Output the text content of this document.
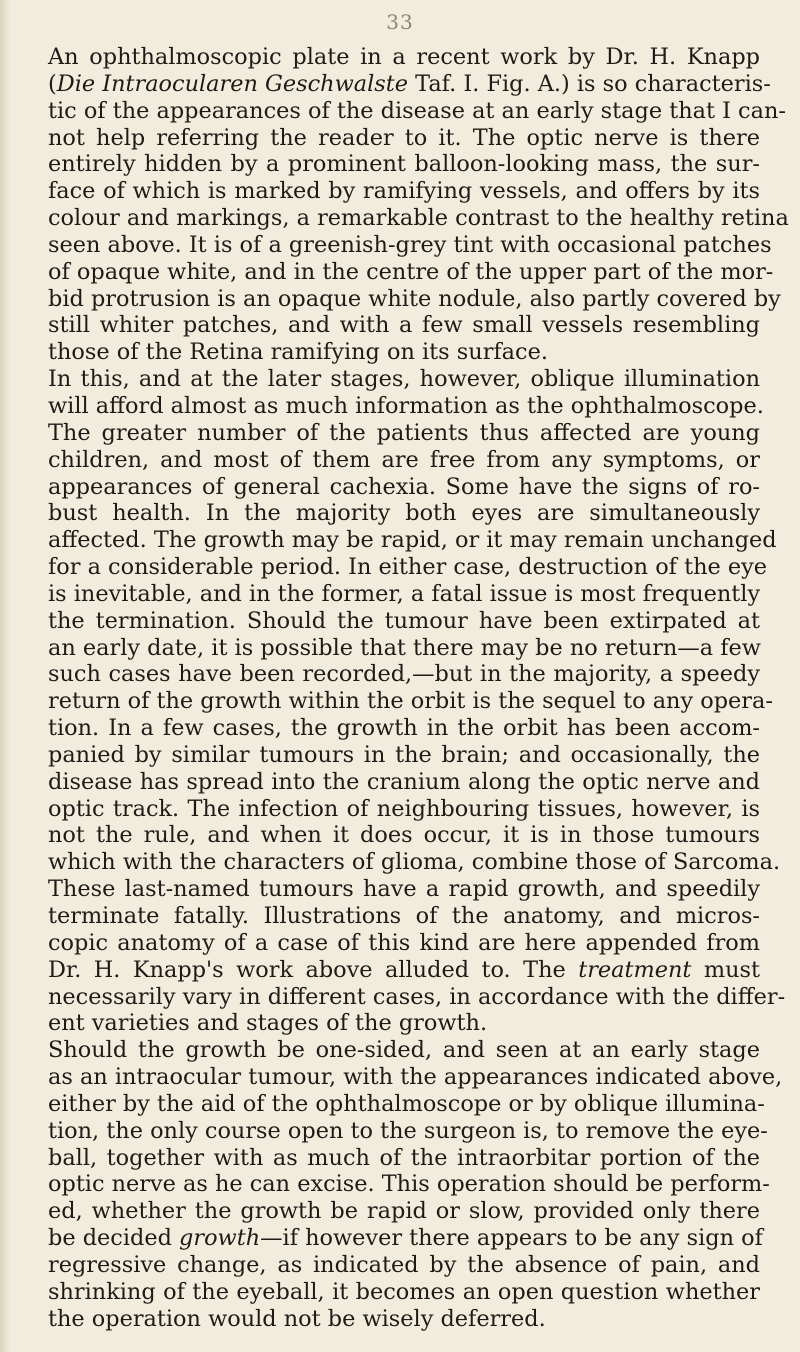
33
An ophthalmoscopic plate in a recent work by Dr. H. Knapp
(Die Intraocularen Geschwalste Taf. I. Fig. A.) is so characteris-
tic of the appearances of the disease at an early stage that I can-
not help referring the reader to it. The optic nerve is there
entirely hidden by a prominent balloon-looking mass, the sur-
face of which is marked by ramifying vessels, and offers by its
colour and markings, a remarkable contrast to the healthy retina
seen above. It is of a greenish-grey tint with occasional patches
of opaque white, and in the centre of the upper part of the mor-
bid protrusion is an opaque white nodule, also partly covered by
still whiter patches, and with a few small vessels resembling
those of the Retina ramifying on its surface.
In this, and at the later stages, however, oblique illumination
will afford almost as much information as the ophthalmoscope.
The greater number of the patients thus affected are young
children, and most of them are free from any symptoms, or
appearances of general cachexia. Some have the signs of ro-
bust health. In the majority both eyes are simultaneously
affected. The growth may be rapid, or it may remain unchanged
for a considerable period. In either case, destruction of the eye
is inevitable, and in the former, a fatal issue is most frequently
the termination. Should the tumour have been extirpated at
an early date, it is possible that there may be no return—a few
such cases have been recorded,—but in the majority, a speedy
return of the growth within the orbit is the sequel to any opera-
tion. In a few cases, the growth in the orbit has been accom-
panied by similar tumours in the brain; and occasionally, the
disease has spread into the cranium along the optic nerve and
optic track. The infection of neighbouring tissues, however, is
not the rule, and when it does occur, it is in those tumours
which with the characters of glioma, combine those of Sarcoma.
These last-named tumours have a rapid growth, and speedily
terminate fatally. Illustrations of the anatomy, and micros-
copic anatomy of a case of this kind are here appended from
Dr. H. Knapp's work above alluded to. The treatment must
necessarily vary in different cases, in accordance with the differ-
ent varieties and stages of the growth.
Should the growth be one-sided, and seen at an early stage
as an intraocular tumour, with the appearances indicated above,
either by the aid of the ophthalmoscope or by oblique illumina-
tion, the only course open to the surgeon is, to remove the eye-
ball, together with as much of the intraorbitar portion of the
optic nerve as he can excise. This operation should be perform-
ed, whether the growth be rapid or slow, provided only there
be decided growth—if however there appears to be any sign of
regressive change, as indicated by the absence of pain, and
shrinking of the eyeball, it becomes an open question whether
the operation would not be wisely deferred.
